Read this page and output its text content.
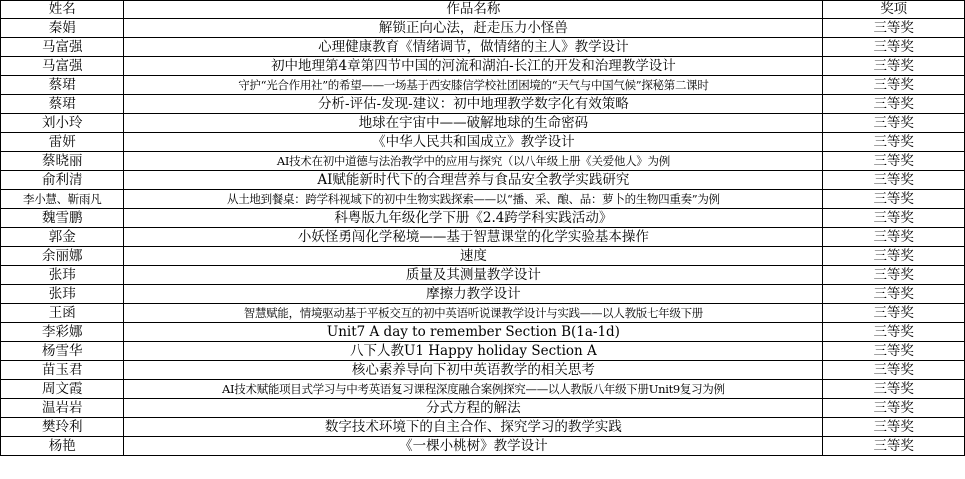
姓名	作品名称	奖项
秦娟	解锁正向心法，赶走压力小怪兽	三等奖
马富强	心理健康教育《情绪调节，做情绪的主人》教学设计	三等奖
马富强	初中地理第4章第四节中国的河流和湖泊-长江的开发和治理教学设计	三等奖
蔡珺	守护“光合作用社”的希望——一场基于西安膝信学校社团困境的“天气与中国气候”探秘第二课时	三等奖
蔡珺	分析-评估-发现-建议：初中地理教学数字化有效策略	三等奖
刘小玲	地球在宇宙中——破解地球的生命密码	三等奖
雷妍	《中华人民共和国成立》教学设计	三等奖
蔡晓丽	AI技术在初中道德与法治教学中的应用与探究（以八年级上册《关爱他人》为例	三等奖
俞利清	AI赋能新时代下的合理营养与食品安全教学实践研究	三等奖
李小慧、靳雨凡	从土地到餐桌：跨学科视域下的初中生物实践探索——以“播、采、酿、品：萝卜的生物四重奏”为例	三等奖
魏雪鹏	科粤版九年级化学下册《2.4跨学科实践活动》	三等奖
郭金	小妖怪勇闯化学秘境——基于智慧课堂的化学实验基本操作	三等奖
余丽娜	速度	三等奖
张玮	质量及其测量教学设计	三等奖
张玮	摩擦力教学设计	三等奖
王函	智慧赋能，情境驱动基于平板交互的初中英语听说课教学设计与实践——以人教版七年级下册	三等奖
李彩娜	Unit7 A day to remember Section B(1a-1d)	三等奖
杨雪华	八下人教U1 Happy holiday Section A	三等奖
苗玉君	核心素养导向下初中英语教学的相关思考	三等奖
周文霞	AI技术赋能项目式学习与中考英语复习课程深度融合案例探究——以人教版八年级下册Unit9复习为例	三等奖
温岩岩	分式方程的解法	三等奖
樊玲利	数字技术环境下的自主合作、探究学习的教学实践	三等奖
杨艳	《一棵小桃树》教学设计	三等奖
